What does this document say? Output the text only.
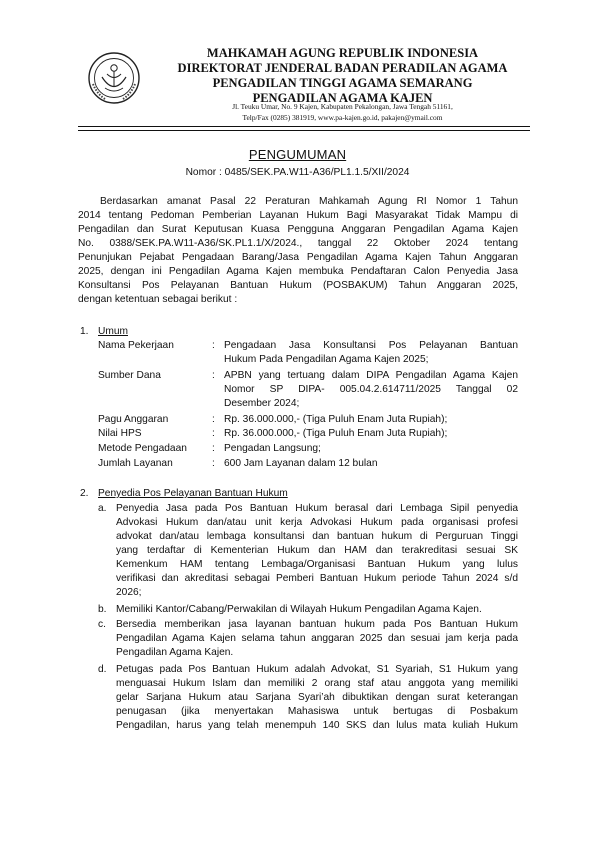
MAHKAMAH AGUNG REPUBLIK INDONESIA
DIREKTORAT JENDERAL BADAN PERADILAN AGAMA
PENGADILAN TINGGI AGAMA SEMARANG
PENGADILAN AGAMA KAJEN
Jl. Teuku Umar, No. 9 Kajen, Kabupaten Pekalongan, Jawa Tengah 51161,
Telp/Fax (0285) 381919, www.pa-kajen.go.id, pakajen@ymail.com
PENGUMUMAN
Nomor : 0485/SEK.PA.W11-A36/PL1.1.5/XII/2024
Berdasarkan amanat Pasal 22 Peraturan Mahkamah Agung RI Nomor 1 Tahun
2014 tentang Pedoman Pemberian Layanan Hukum Bagi Masyarakat Tidak Mampu di
Pengadilan dan Surat Keputusan Kuasa Pengguna Anggaran Pengadilan Agama Kajen
No. 0388/SEK.PA.W11-A36/SK.PL1.1/X/2024., tanggal 22 Oktober 2024 tentang
Penunjukan Pejabat Pengadaan Barang/Jasa Pengadilan Agama Kajen Tahun Anggaran
2025, dengan ini Pengadilan Agama Kajen membuka Pendaftaran Calon Penyedia Jasa
Konsultansi Pos Pelayanan Bantuan Hukum (POSBAKUM) Tahun Anggaran 2025,
dengan ketentuan sebagai berikut :
1. Umum
Nama Pekerjaan	: Pengadaan Jasa Konsultansi Pos Pelayanan Bantuan
Hukum Pada Pengadilan Agama Kajen 2025;
Sumber Dana	: APBN yang tertuang dalam DIPA Pengadilan Agama Kajen
Nomor SP DIPA- 005.04.2.614711/2025 Tanggal 02
Desember 2024;
Pagu Anggaran	: Rp. 36.000.000,- (Tiga Puluh Enam Juta Rupiah);
Nilai HPS	: Rp. 36.000.000,- (Tiga Puluh Enam Juta Rupiah);
Metode Pengadaan : Pengadan Langsung;
Jumlah Layanan	: 600 Jam Layanan dalam 12 bulan
2. Penyedia Pos Pelayanan Bantuan Hukum
a. Penyedia Jasa pada Pos Bantuan Hukum berasal dari Lembaga Sipil penyedia
Advokasi Hukum dan/atau unit kerja Advokasi Hukum pada organisasi profesi
advokat dan/atau lembaga konsultansi dan bantuan hukum di Perguruan Tinggi
yang terdaftar di Kementerian Hukum dan HAM dan terakreditasi sesuai SK
Kemenkum HAM tentang Lembaga/Organisasi Bantuan Hukum yang lulus
verifikasi dan akreditasi sebagai Pemberi Bantuan Hukum periode Tahun 2024 s/d
2026;
b. Memiliki Kantor/Cabang/Perwakilan di Wilayah Hukum Pengadilan Agama Kajen.
c. Bersedia memberikan jasa layanan bantuan hukum pada Pos Bantuan Hukum
Pengadilan Agama Kajen selama tahun anggaran 2025 dan sesuai jam kerja pada
Pengadilan Agama Kajen.
d. Petugas pada Pos Bantuan Hukum adalah Advokat, S1 Syariah, S1 Hukum yang
menguasai Hukum Islam dan memiliki 2 orang staf atau anggota yang memiliki
gelar Sarjana Hukum atau Sarjana Syari’ah dibuktikan dengan surat keterangan
penugasan (jika menyertakan Mahasiswa untuk bertugas di Posbakum
Pengadilan, harus yang telah menempuh 140 SKS dan lulus mata kuliah Hukum
